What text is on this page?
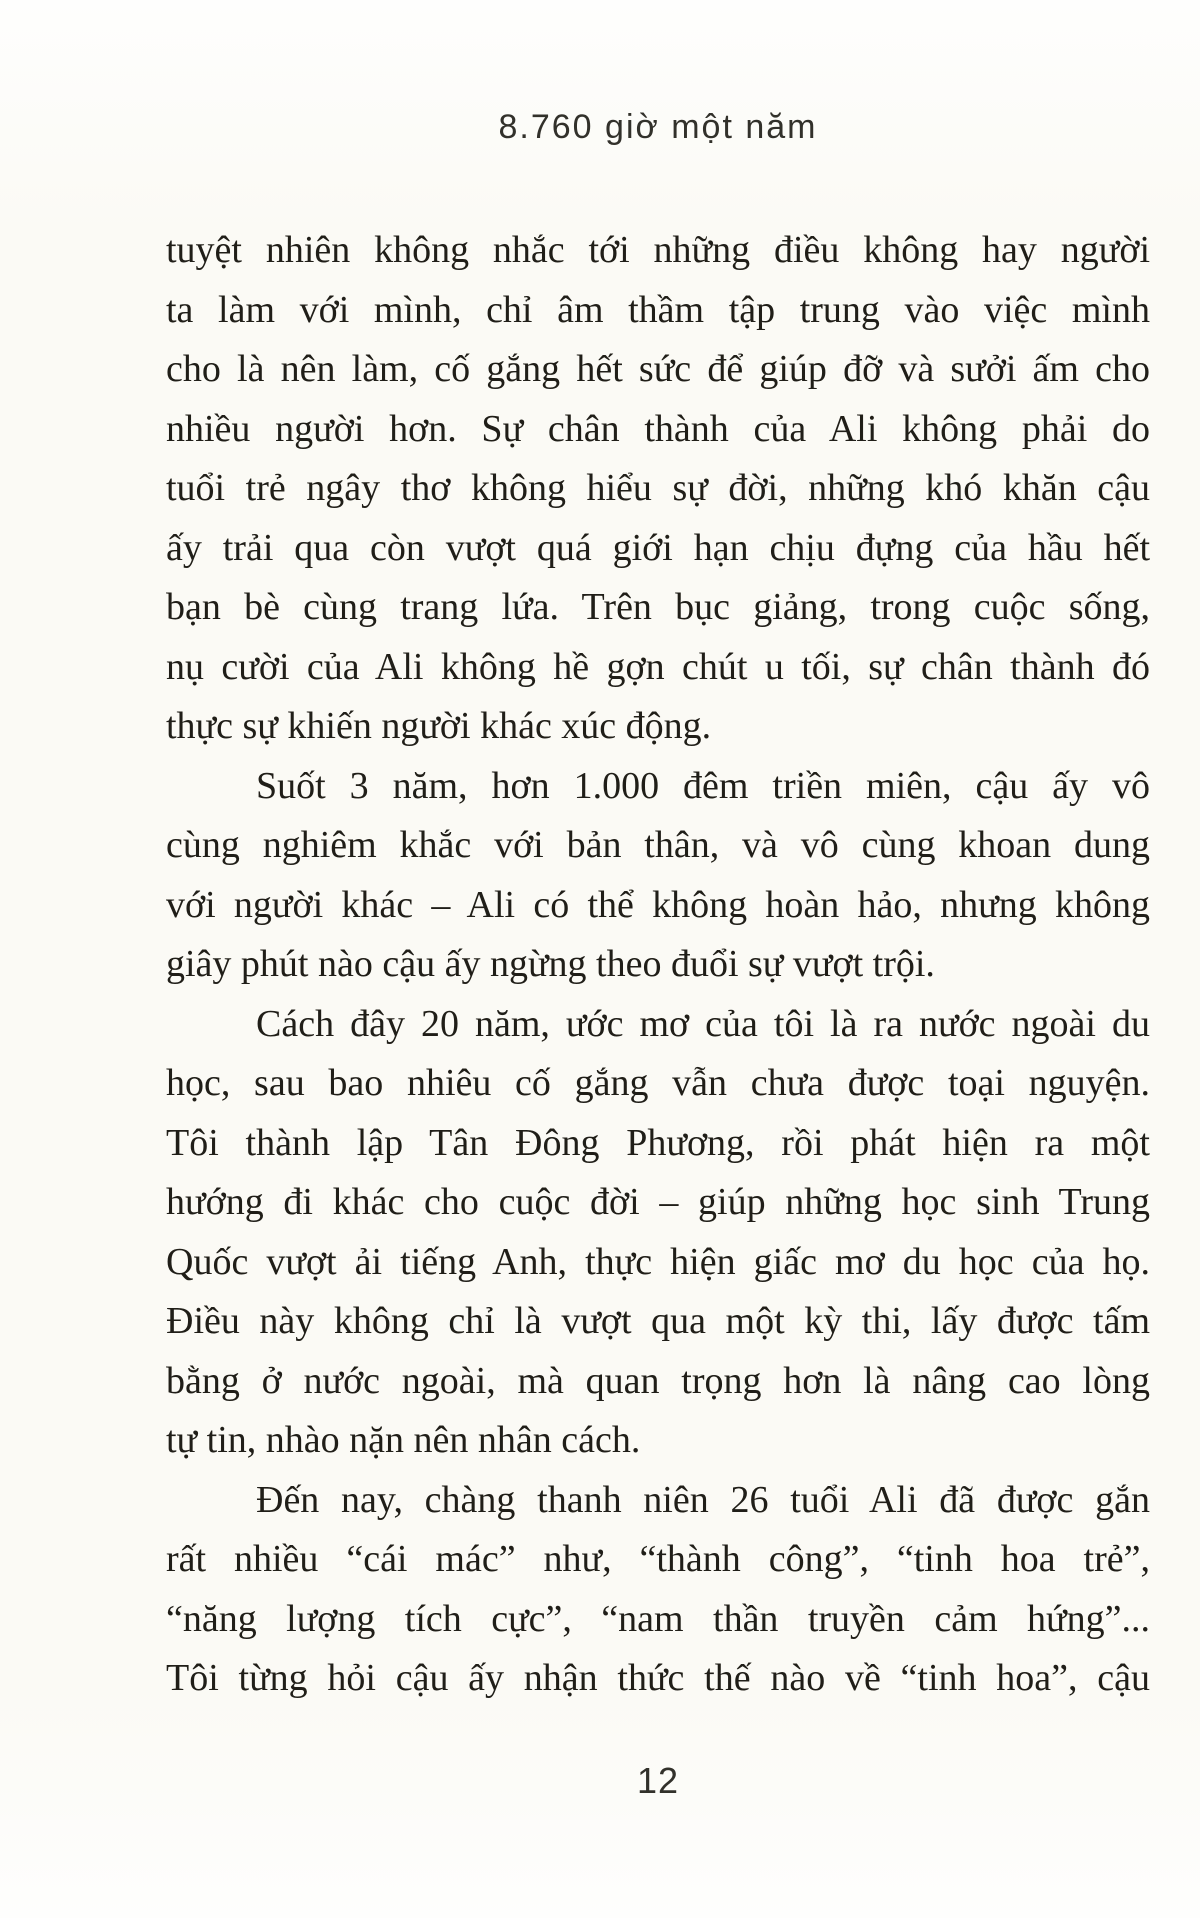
8.760 giờ một năm
tuyệt nhiên không nhắc tới những điều không hay người
ta làm với mình, chỉ âm thầm tập trung vào việc mình
cho là nên làm, cố gắng hết sức để giúp đỡ và sưởi ấm cho
nhiều người hơn. Sự chân thành của Ali không phải do
tuổi trẻ ngây thơ không hiểu sự đời, những khó khăn cậu
ấy trải qua còn vượt quá giới hạn chịu đựng của hầu hết
bạn bè cùng trang lứa. Trên bục giảng, trong cuộc sống,
nụ cười của Ali không hề gợn chút u tối, sự chân thành đó
thực sự khiến người khác xúc động.
Suốt 3 năm, hơn 1.000 đêm triền miên, cậu ấy vô
cùng nghiêm khắc với bản thân, và vô cùng khoan dung
với người khác – Ali có thể không hoàn hảo, nhưng không
giây phút nào cậu ấy ngừng theo đuổi sự vượt trội.
Cách đây 20 năm, ước mơ của tôi là ra nước ngoài du
học, sau bao nhiêu cố gắng vẫn chưa được toại nguyện.
Tôi thành lập Tân Đông Phương, rồi phát hiện ra một
hướng đi khác cho cuộc đời – giúp những học sinh Trung
Quốc vượt ải tiếng Anh, thực hiện giấc mơ du học của họ.
Điều này không chỉ là vượt qua một kỳ thi, lấy được tấm
bằng ở nước ngoài, mà quan trọng hơn là nâng cao lòng
tự tin, nhào nặn nên nhân cách.
Đến nay, chàng thanh niên 26 tuổi Ali đã được gắn
rất nhiều “cái mác” như, “thành công”, “tinh hoa trẻ”,
“năng lượng tích cực”, “nam thần truyền cảm hứng”...
Tôi từng hỏi cậu ấy nhận thức thế nào về “tinh hoa”, cậu
12
